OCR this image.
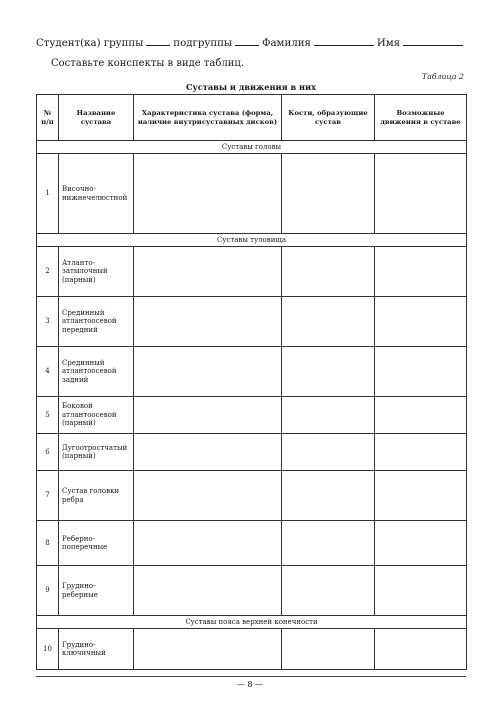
Студент(ка) группы	подгруппы	Фамилия	Имя
Составьте конспекты в виде таблиц.
Таблица 2
Суставы и движения в них
№ п/п	Название сустава	Характеристика сустава (форма, наличие внутрисуставных дисков)	Кости, образующие сустав	Возможные движения в суставе
Суставы головы				
1	Височно-нижнечелюстной			
Суставы туловища				
2	Атланто-затылочный (парный)			
3	Срединный атлантоосевой передний			
4	Срединный атлантоосевой задний			
5	Боковой атлантоосевой (парный)			
6	Дугоотростчатый (парный)			
7	Сустав головки ребра			
8	Реберно-поперечные			
9	Грудино-реберные			
Суставы пояса верхней конечности				
10	Грудино-ключичный			
— 8 —
